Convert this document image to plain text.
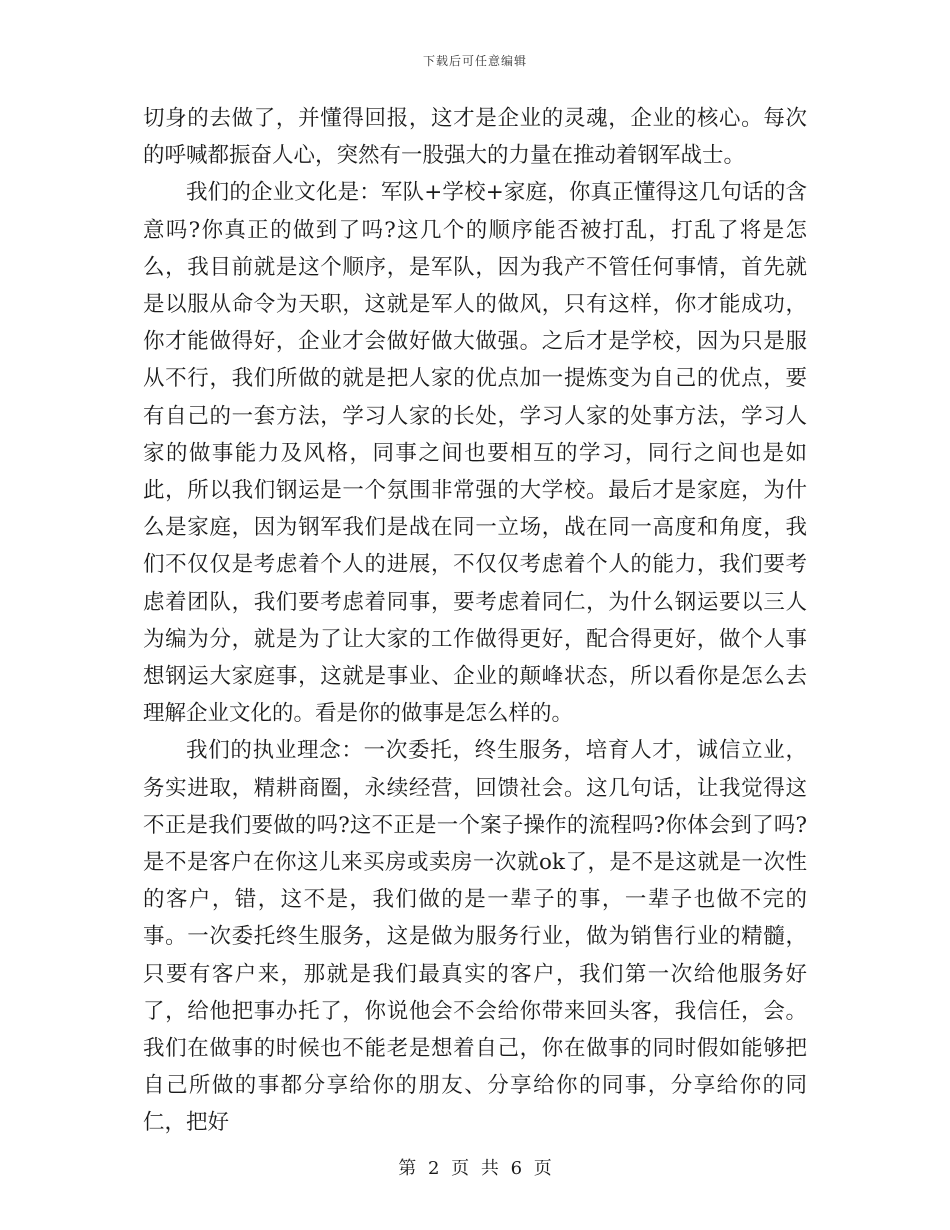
下载后可任意编辑

切身的去做了，并懂得回报，这才是企业的灵魂，企业的核心。每次的呼喊都振奋人心，突然有一股强大的力量在推动着钢军战士。

我们的企业文化是：军队+学校+家庭，你真正懂得这几句话的含意吗?你真正的做到了吗?这几个的顺序能否被打乱，打乱了将是怎么，我目前就是这个顺序，是军队，因为我产不管任何事情，首先就是以服从命令为天职，这就是军人的做风，只有这样，你才能成功，你才能做得好，企业才会做好做大做强。之后才是学校，因为只是服从不行，我们所做的就是把人家的优点加一提炼变为自己的优点，要有自己的一套方法，学习人家的长处，学习人家的处事方法，学习人家的做事能力及风格，同事之间也要相互的学习，同行之间也是如此，所以我们钢运是一个氛围非常强的大学校。最后才是家庭，为什么是家庭，因为钢军我们是战在同一立场，战在同一高度和角度，我们不仅仅是考虑着个人的进展，不仅仅考虑着个人的能力，我们要考虑着团队，我们要考虑着同事，要考虑着同仁，为什么钢运要以三人为编为分，就是为了让大家的工作做得更好，配合得更好，做个人事想钢运大家庭事，这就是事业、企业的颠峰状态，所以看你是怎么去理解企业文化的。看是你的做事是怎么样的。

我们的执业理念：一次委托，终生服务，培育人才，诚信立业，务实进取，精耕商圈，永续经营，回馈社会。这几句话，让我觉得这不正是我们要做的吗?这不正是一个案子操作的流程吗?你体会到了吗?是不是客户在你这儿来买房或卖房一次就ok了，是不是这就是一次性的客户，错，这不是，我们做的是一辈子的事，一辈子也做不完的事。一次委托终生服务，这是做为服务行业，做为销售行业的精髓，只要有客户来，那就是我们最真实的客户，我们第一次给他服务好了，给他把事办托了，你说他会不会给你带来回头客，我信任，会。我们在做事的时候也不能老是想着自己，你在做事的同时假如能够把自己所做的事都分享给你的朋友、分享给你的同事，分享给你的同仁，把好

第 2 页 共 6 页
